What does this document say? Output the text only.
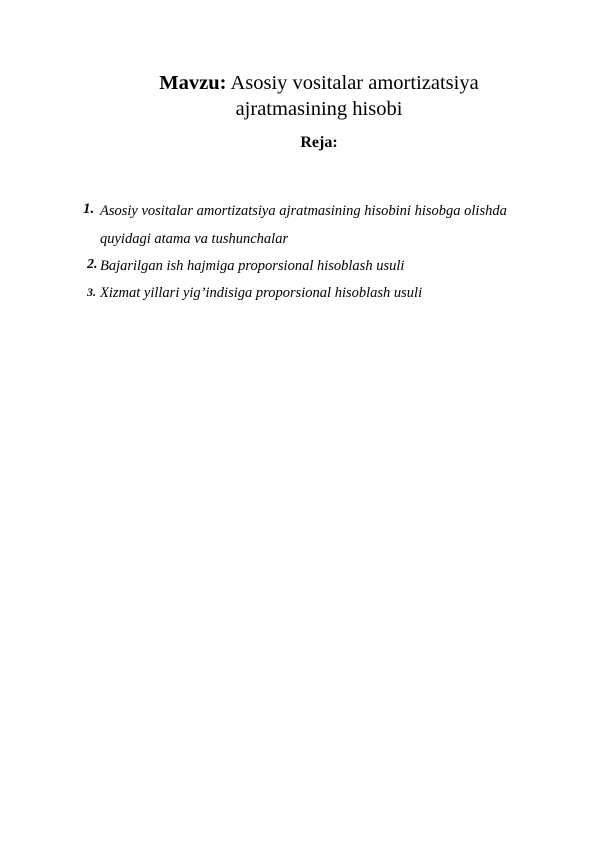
Mavzu: Asosiy vositalar amortizatsiya
ajratmasining hisobi
Reja:
1. Asosiy vositalar amortizatsiya ajratmasining hisobini hisobga olishda
quyidagi atama va tushunchalar
2. Bajarilgan ish hajmiga proporsional hisoblash usuli
3. Xizmat yillari yig’indisiga proporsional hisoblash usuli
